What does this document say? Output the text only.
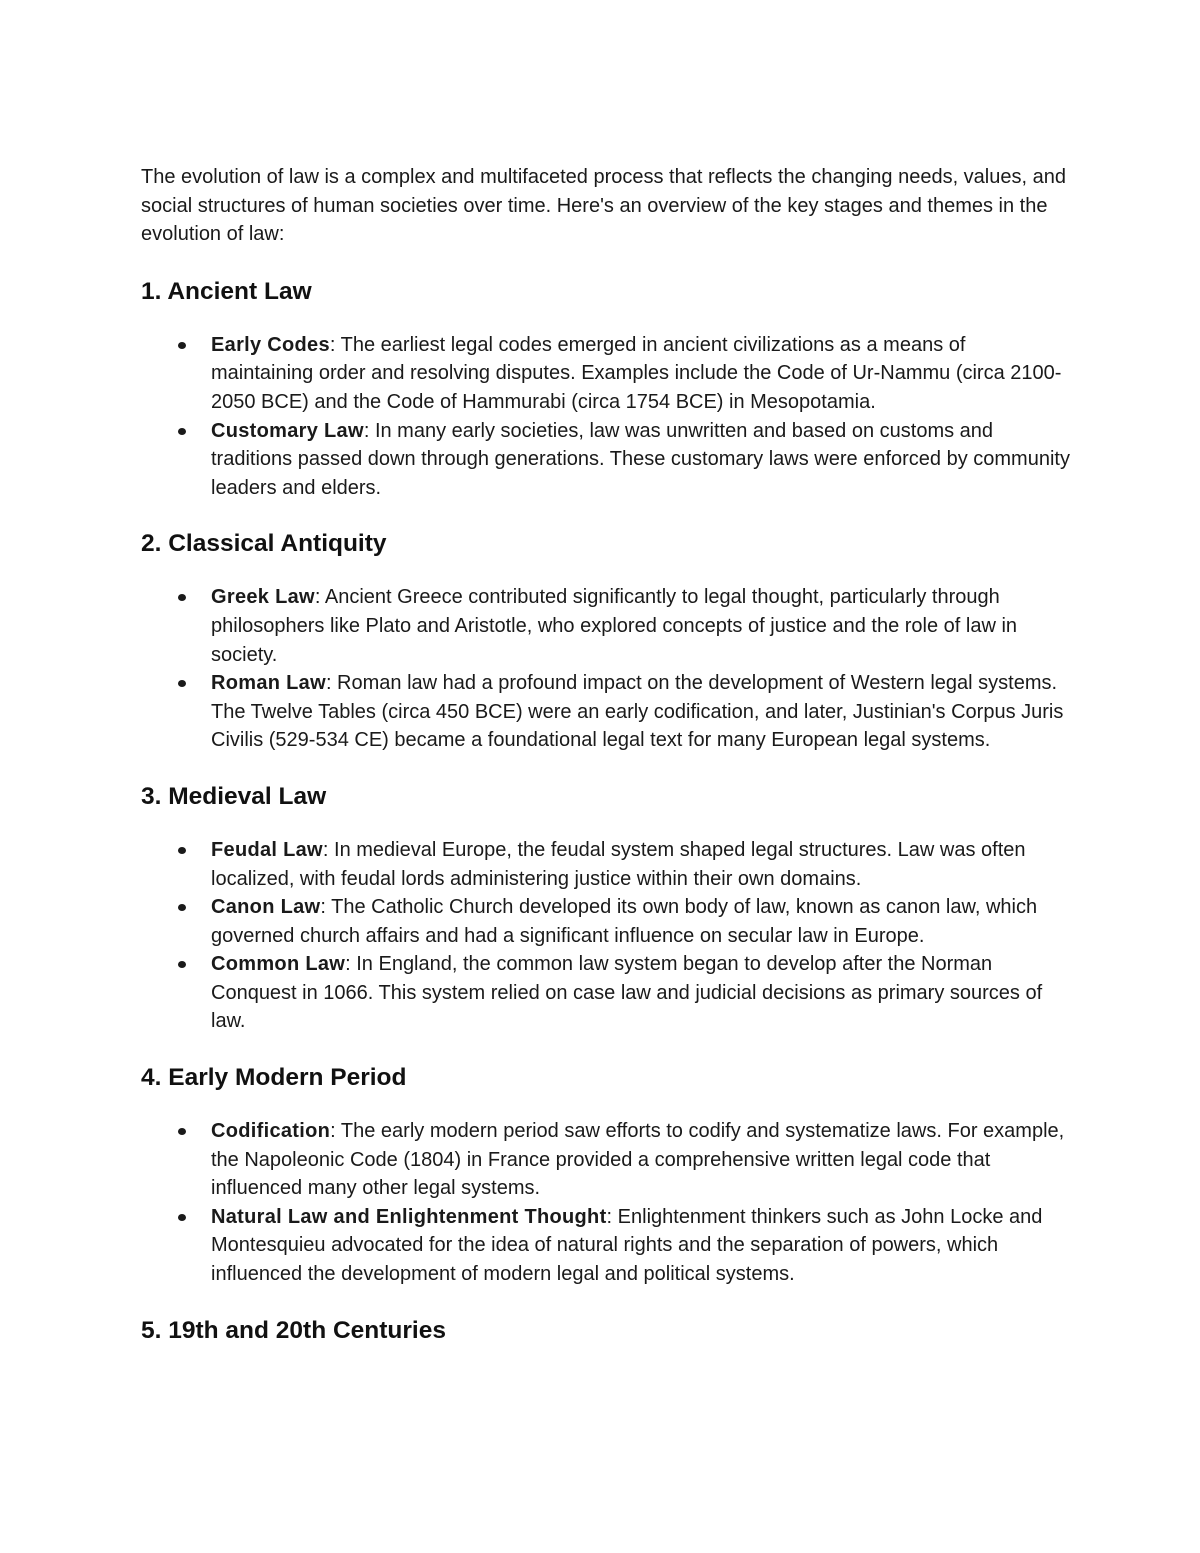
The evolution of law is a complex and multifaceted process that reflects the changing needs, values, and social structures of human societies over time. Here's an overview of the key stages and themes in the evolution of law:

1. Ancient Law
Early Codes: The earliest legal codes emerged in ancient civilizations as a means of maintaining order and resolving disputes. Examples include the Code of Ur-Nammu (circa 2100-2050 BCE) and the Code of Hammurabi (circa 1754 BCE) in Mesopotamia.
Customary Law: In many early societies, law was unwritten and based on customs and traditions passed down through generations. These customary laws were enforced by community leaders and elders.
2. Classical Antiquity
Greek Law: Ancient Greece contributed significantly to legal thought, particularly through philosophers like Plato and Aristotle, who explored concepts of justice and the role of law in society.
Roman Law: Roman law had a profound impact on the development of Western legal systems. The Twelve Tables (circa 450 BCE) were an early codification, and later, Justinian's Corpus Juris Civilis (529-534 CE) became a foundational legal text for many European legal systems.
3. Medieval Law
Feudal Law: In medieval Europe, the feudal system shaped legal structures. Law was often localized, with feudal lords administering justice within their own domains.
Canon Law: The Catholic Church developed its own body of law, known as canon law, which governed church affairs and had a significant influence on secular law in Europe.
Common Law: In England, the common law system began to develop after the Norman Conquest in 1066. This system relied on case law and judicial decisions as primary sources of law.
4. Early Modern Period
Codification: The early modern period saw efforts to codify and systematize laws. For example, the Napoleonic Code (1804) in France provided a comprehensive written legal code that influenced many other legal systems.
Natural Law and Enlightenment Thought: Enlightenment thinkers such as John Locke and Montesquieu advocated for the idea of natural rights and the separation of powers, which influenced the development of modern legal and political systems.
5. 19th and 20th Centuries
